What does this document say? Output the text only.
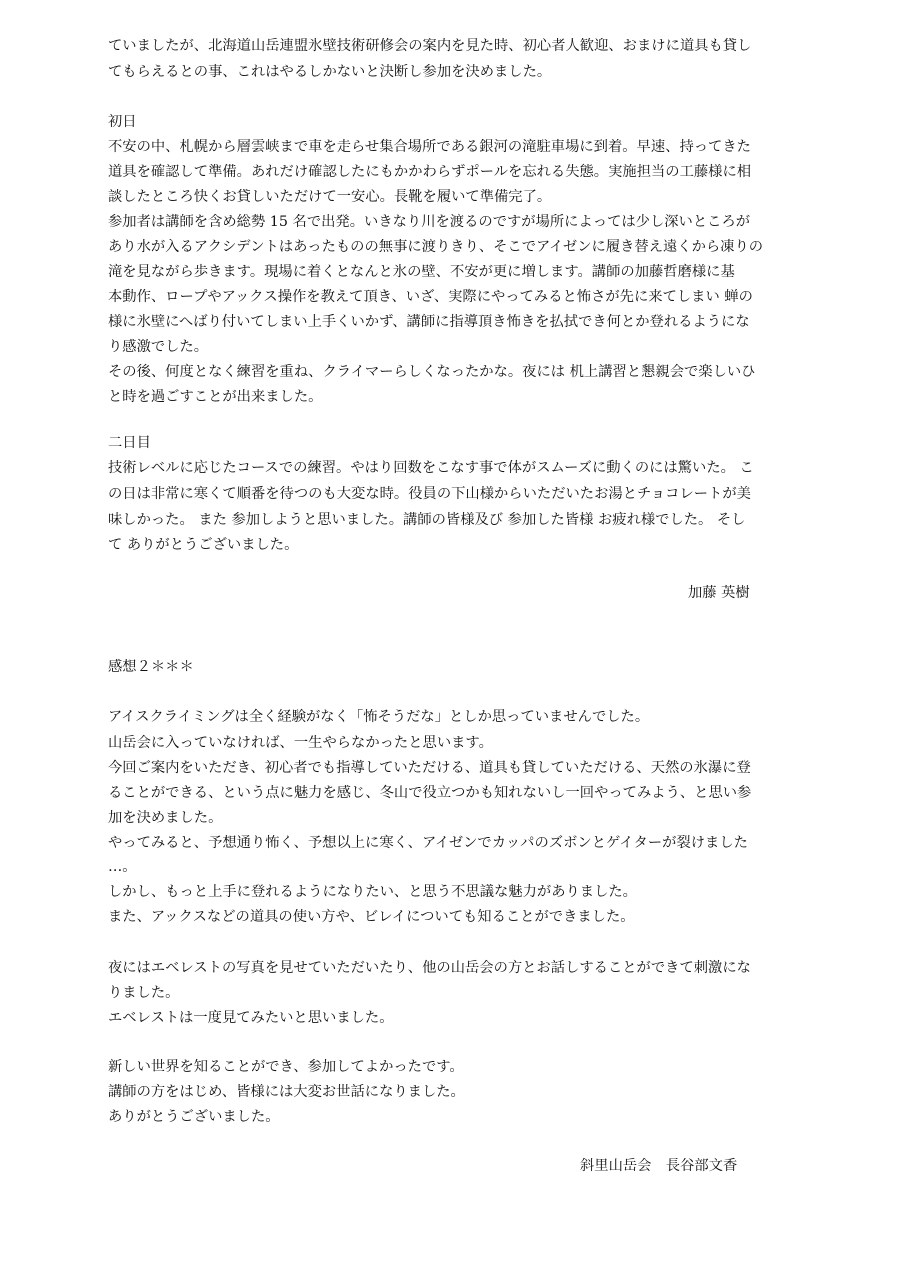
ていましたが、北海道山岳連盟氷壁技術研修会の案内を見た時、初心者人歓迎、おまけに道具も貸し
てもらえるとの事、これはやるしかないと決断し参加を決めました。
初日
不安の中、札幌から層雲峡まで車を走らせ集合場所である銀河の滝駐車場に到着。早速、持ってきた
道具を確認して準備。あれだけ確認したにもかかわらずポールを忘れる失態。実施担当の工藤様に相
談したところ快くお貸しいただけて一安心。長靴を履いて準備完了。
参加者は講師を含め総勢 15 名で出発。いきなり川を渡るのですが場所によっては少し深いところが
あり水が入るアクシデントはあったものの無事に渡りきり、そこでアイゼンに履き替え遠くから凍りの
滝を見ながら歩きます。現場に着くとなんと氷の壁、不安が更に増します。講師の加藤哲磨様に基
本動作、ロープやアックス操作を教えて頂き、いざ、実際にやってみると怖さが先に来てしまい 蝉の
様に氷壁にへばり付いてしまい上手くいかず、講師に指導頂き怖きを払拭でき何とか登れるようにな
り感激でした。
その後、何度となく練習を重ね、クライマーらしくなったかな。夜には 机上講習と懇親会で楽しいひ
と時を過ごすことが出来ました。
二日目
技術レベルに応じたコースでの練習。やはり回数をこなす事で体がスムーズに動くのには驚いた。 こ
の日は非常に寒くて順番を待つのも大変な時。役員の下山様からいただいたお湯とチョコレートが美
味しかった。 また 参加しようと思いました。講師の皆様及び 参加した皆様 お疲れ様でした。 そし
て ありがとうございました。
加藤 英樹
感想２＊＊＊
アイスクライミングは全く経験がなく「怖そうだな」としか思っていませんでした。
山岳会に入っていなければ、一生やらなかったと思います。
今回ご案内をいただき、初心者でも指導していただける、道具も貸していただける、天然の氷瀑に登
ることができる、という点に魅力を感じ、冬山で役立つかも知れないし一回やってみよう、と思い参
加を決めました。
やってみると、予想通り怖く、予想以上に寒く、アイゼンでカッパのズボンとゲイターが裂けました
…。
しかし、もっと上手に登れるようになりたい、と思う不思議な魅力がありました。
また、アックスなどの道具の使い方や、ビレイについても知ることができました。
夜にはエベレストの写真を見せていただいたり、他の山岳会の方とお話しすることができて刺激にな
りました。
エベレストは一度見てみたいと思いました。
新しい世界を知ることができ、参加してよかったです。
講師の方をはじめ、皆様には大変お世話になりました。
ありがとうございました。
斜里山岳会　長谷部文香
